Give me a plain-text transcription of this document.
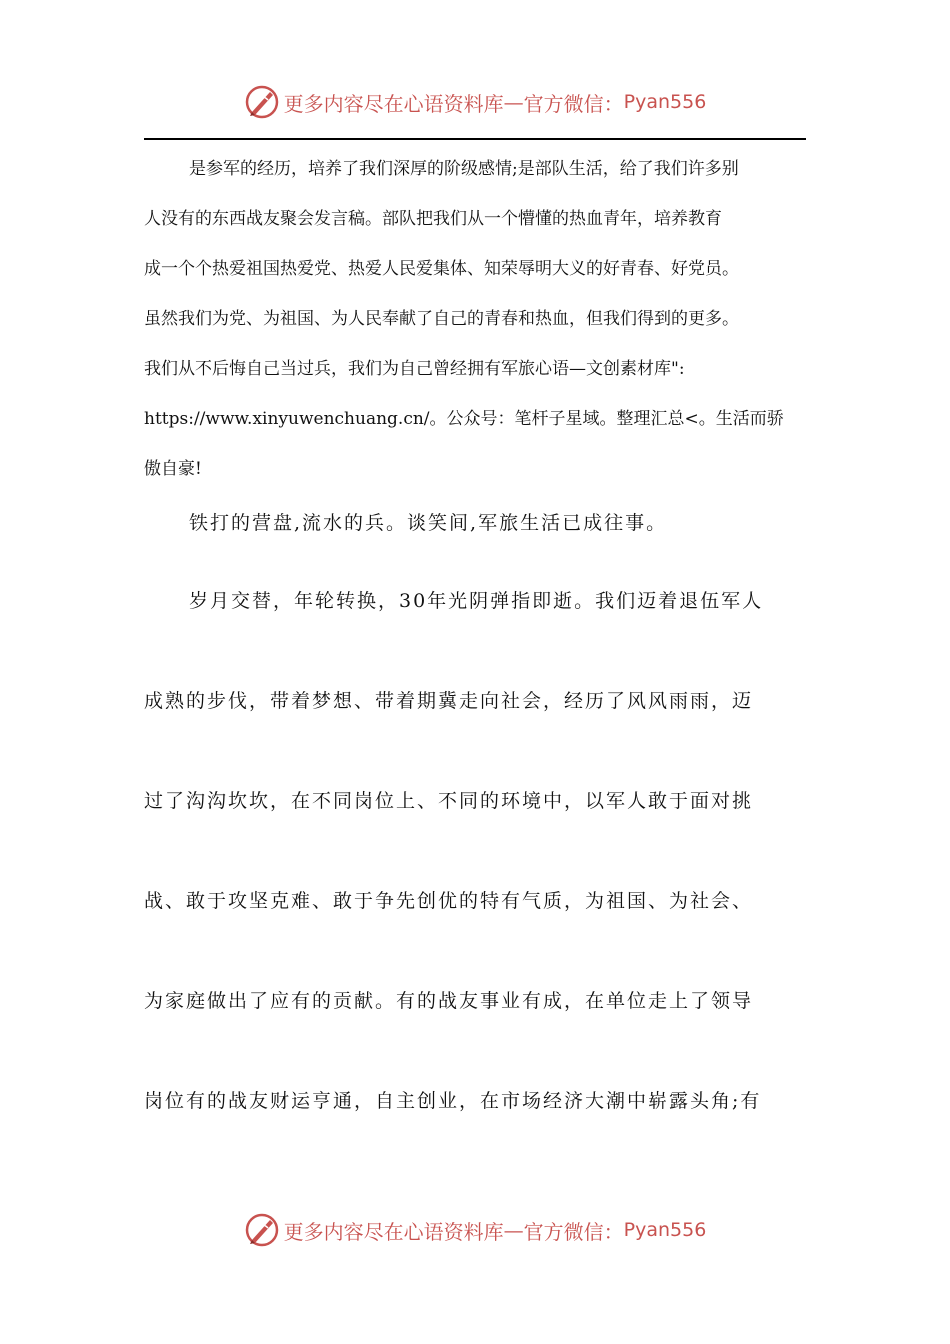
更多内容尽在心语资料库 — 官方微信： Pyan556
是参军的经历，培养了我们深厚的阶级感情;是部队生活，给了我们许多别
人没有的东西战友聚会发言稿。部队把我们从一个懵懂的热血青年，培养教育
成一个个热爱祖国热爱党、热爱人民爱集体、知荣辱明大义的好青春、好党员。
虽然我们为党、为祖国、为人民奉献了自己的青春和热血，但我们得到的更多。
我们从不后悔自己当过兵，我们为自己曾经拥有军旅心语—文创素材库":
https://www.xinyuwenchuang.cn/。公众号：笔杆子星域。整理汇总<。生活而骄
傲自豪!
铁打的营盘,流水的兵。谈笑间,军旅生活已成往事。
岁月交替，年轮转换，30年光阴弹指即逝。我们迈着退伍军人
成熟的步伐，带着梦想、带着期冀走向社会，经历了风风雨雨，迈
过了沟沟坎坎，在不同岗位上、不同的环境中，以军人敢于面对挑
战、敢于攻坚克难、敢于争先创优的特有气质，为祖国、为社会、
为家庭做出了应有的贡献。有的战友事业有成，在单位走上了领导
岗位有的战友财运亨通，自主创业，在市场经济大潮中崭露头角;有
更多内容尽在心语资料库 — 官方微信： Pyan556
